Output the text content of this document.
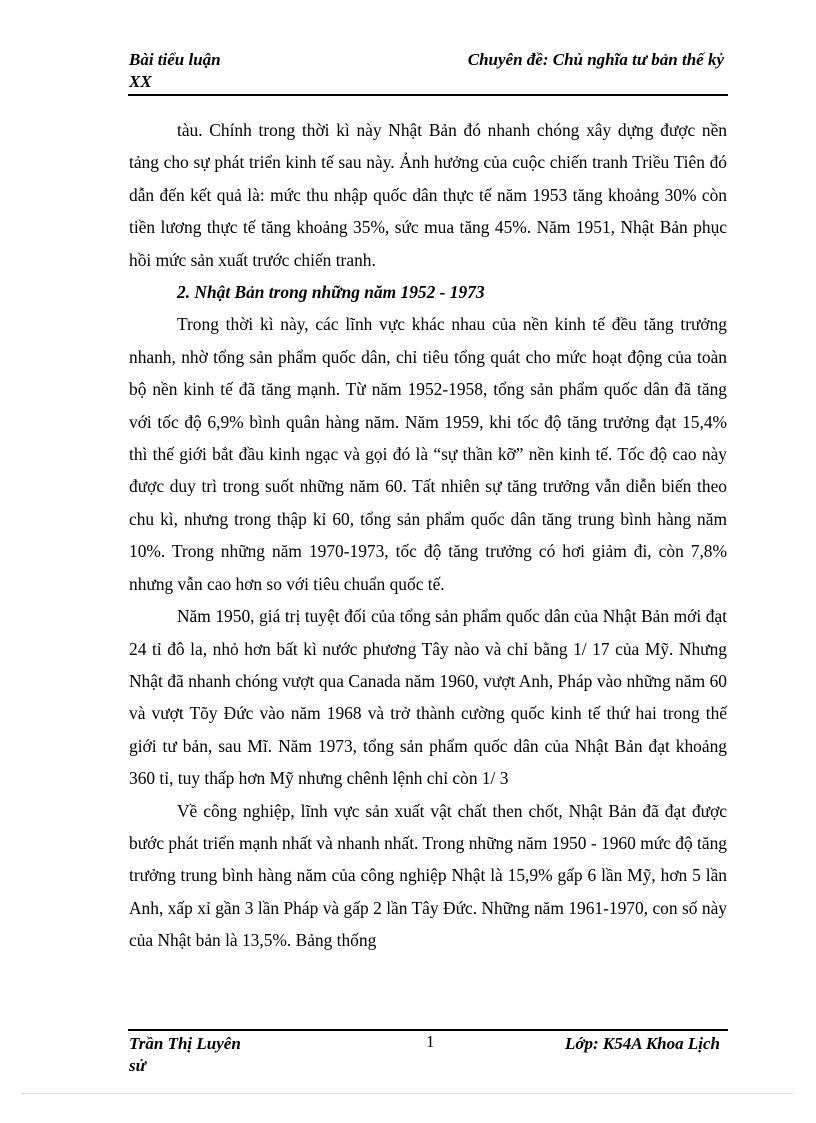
Bài tiểu luận
XX
Chuyên đề: Chủ nghĩa tư bản thế kỷ

tàu. Chính trong thời kì này Nhật Bản đó nhanh chóng xây dựng được nền tảng cho sự phát triển kinh tế sau này. Ảnh hưởng của cuộc chiến tranh Triều Tiên đó dẫn đến kết quả là: mức thu nhập quốc dân thực tế năm 1953 tăng khoảng 30% còn tiền lương thực tế tăng khoảng 35%, sức mua tăng 45%. Năm 1951, Nhật Bản phục hồi mức sản xuất trước chiến tranh.

2. Nhật Bản trong những năm 1952 - 1973

Trong thời kì này, các lĩnh vực khác nhau của nền kinh tế đều tăng trưởng nhanh, nhờ tổng sản phẩm quốc dân, chỉ tiêu tổng quát cho mức hoạt động của toàn bộ nền kinh tế đã tăng mạnh. Từ năm 1952-1958, tổng sản phẩm quốc dân đã tăng với tốc độ 6,9% bình quân hàng năm. Năm 1959, khi tốc độ tăng trưởng đạt 15,4% thì thế giới bắt đầu kinh ngạc và gọi đó là “sự thần kỡ” nền kinh tế. Tốc độ cao này được duy trì trong suốt những năm 60. Tất nhiên sự tăng trưởng vẫn diễn biến theo chu kì, nhưng trong thập kỉ 60, tổng sản phẩm quốc dân tăng trung bình hàng năm 10%. Trong những năm 1970-1973, tốc độ tăng trưởng có hơi giảm đi, còn 7,8% nhưng vẫn cao hơn so với tiêu chuẩn quốc tế.

Năm 1950, giá trị tuyệt đối của tổng sản phẩm quốc dân của Nhật Bản mới đạt 24 tỉ đô la, nhỏ hơn bất kì nước phương Tây nào và chỉ bằng 1/ 17 của Mỹ. Nhưng Nhật đã nhanh chóng vượt qua Canada năm 1960, vượt Anh, Pháp vào những năm 60 và vượt Tõy Đức vào năm 1968 và trở thành cường quốc kinh tế thứ hai trong thế giới tư bản, sau Mĩ. Năm 1973, tổng sản phẩm quốc dân của Nhật Bản đạt khoảng 360 tỉ, tuy thấp hơn Mỹ nhưng chênh lệnh chỉ còn 1/ 3

Về công nghiệp, lĩnh vực sản xuất vật chất then chốt, Nhật Bản đã đạt được bước phát triển mạnh nhất và nhanh nhất. Trong những năm 1950 - 1960 mức độ tăng trưởng trung bình hàng năm của công nghiệp Nhật là 15,9% gấp 6 lần Mỹ, hơn 5 lần Anh, xấp xỉ gần 3 lần Pháp và gấp 2 lần Tây Đức. Những năm 1961-1970, con số này của Nhật bản là 13,5%. Bảng thống

Trần Thị Luyên
sử
1	Lớp: K54A Khoa Lịch
